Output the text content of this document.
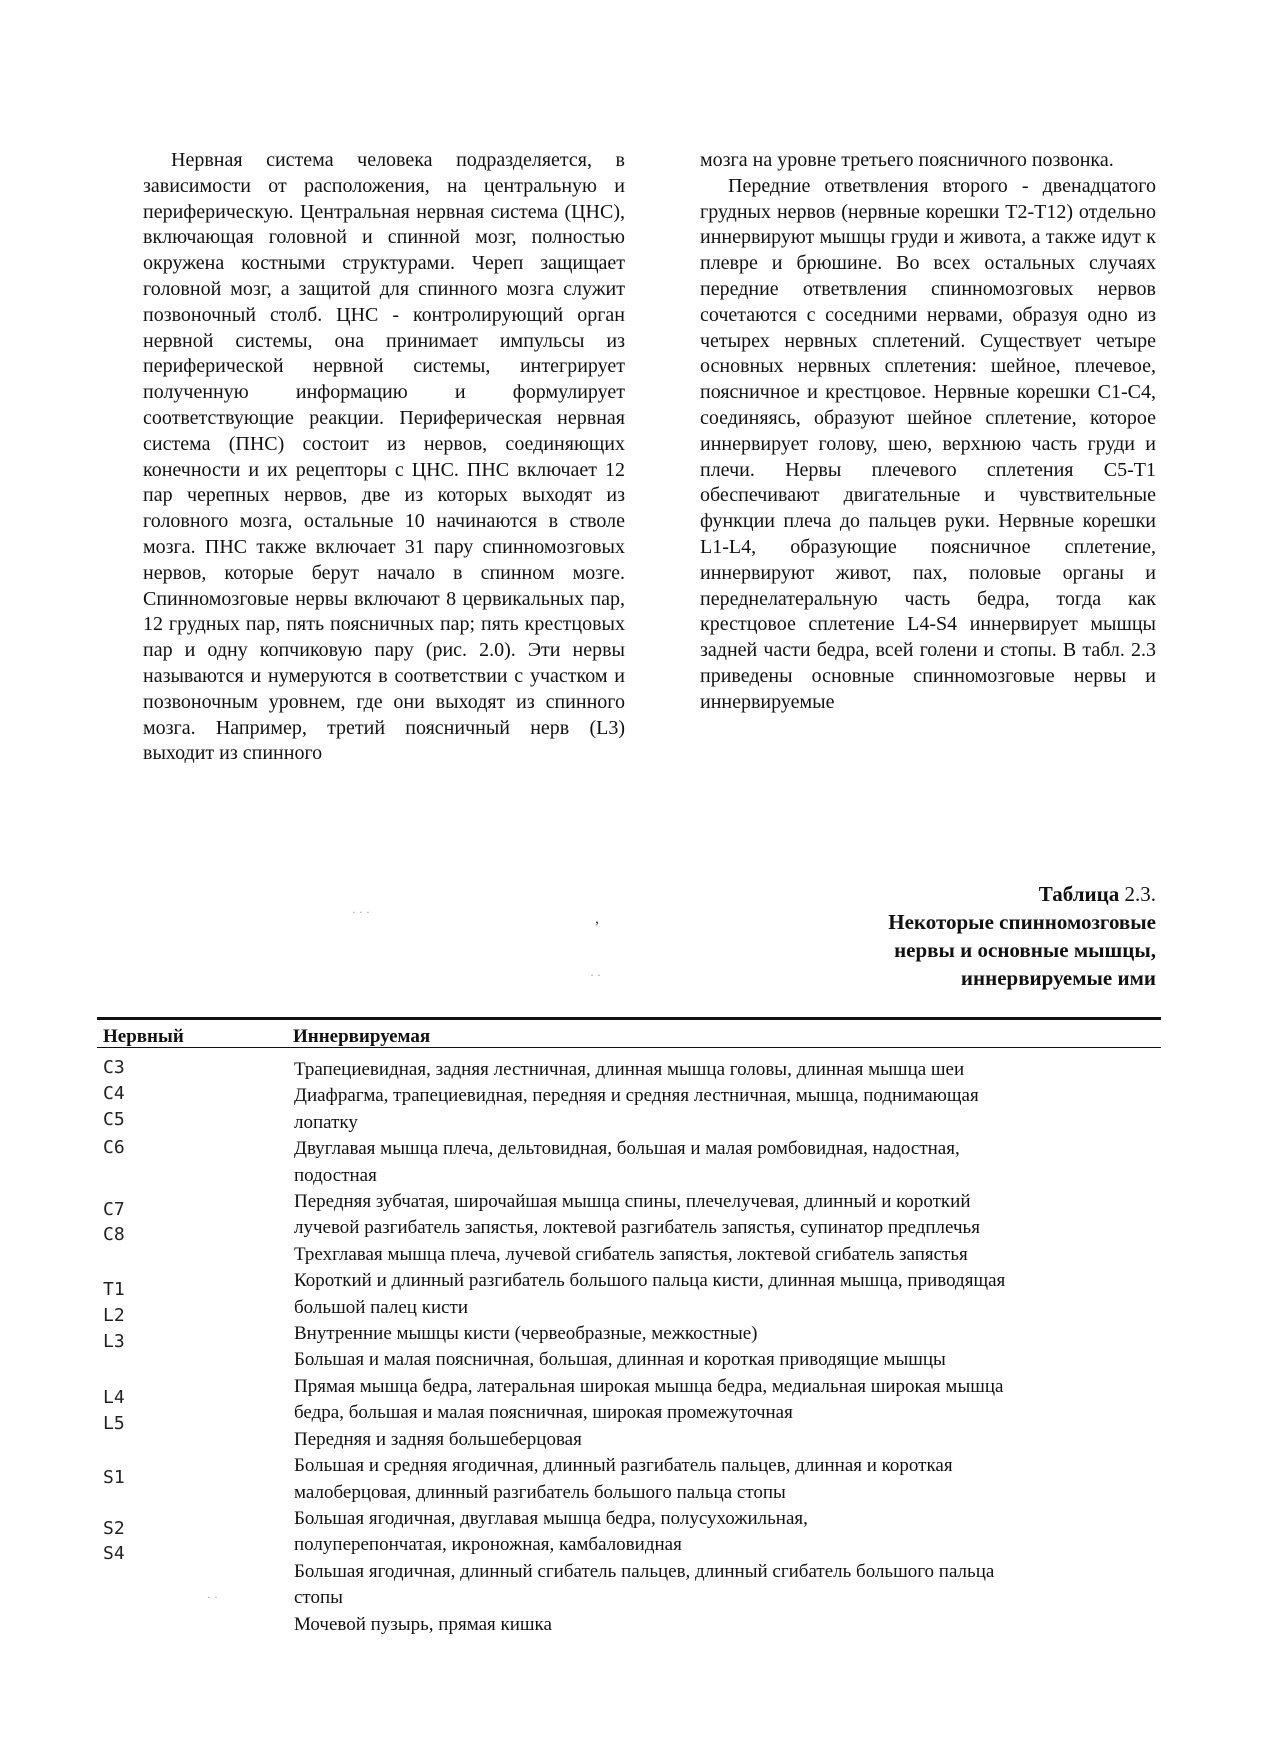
Нервная система человека подразделяется, в зависимости от расположения, на центральную и периферическую. Центральная нервная система (ЦНС), включающая головной и спинной мозг, полностью окружена костными структурами. Череп защищает головной мозг, а защитой для спинного мозга служит позвоночный столб. ЦНС - контролирующий орган нервной системы, она принимает импульсы из периферической нервной системы, интегрирует полученную информацию и формулирует соответствующие реакции. Периферическая нервная система (ПНС) состоит из нервов, соединяющих конечности и их рецепторы с ЦНС. ПНС включает 12 пар черепных нервов, две из которых выходят из головного мозга, остальные 10 начинаются в стволе мозга. ПНС также включает 31 пару спинномозговых нервов, которые берут начало в спинном мозге. Спинномозговые нервы включают 8 цервикальных пар, 12 грудных пар, пять поясничных пар; пять крестцовых пар и одну копчиковую пару (рис. 2.0). Эти нервы называются и нумеруются в соответствии с участком и позвоночным уровнем, где они выходят из спинного мозга. Например, третий поясничный нерв (L3) выходит из спинного

мозга на уровне третьего поясничного позвонка.

Передние ответвления второго - двенадцатого грудных нервов (нервные корешки T2-T12) отдельно иннервируют мышцы груди и живота, а также идут к плевре и брюшине. Во всех остальных случаях передние ответвления спинномозговых нервов сочетаются с соседними нервами, образуя одно из четырех нервных сплетений. Существует четыре основных нервных сплетения: шейное, плечевое, поясничное и крестцовое. Нервные корешки C1-C4, соединяясь, образуют шейное сплетение, которое иннервирует голову, шею, верхнюю часть груди и плечи. Нервы плечевого сплетения C5-T1 обеспечивают двигательные и чувствительные функции плеча до пальцев руки. Нервные корешки L1-L4, образующие поясничное сплетение, иннервируют живот, пах, половые органы и переднелатеральную часть бедра, тогда как крестцовое сплетение L4-S4 иннервирует мышцы задней части бедра, всей голени и стопы. В табл. 2.3 приведены основные спинномозговые нервы и иннервируемые

Таблица 2.3.
Некоторые спинномозговые
нервы и основные мышцы,
иннервируемые ими
Нервный	Иннервируемая
C3
C4
C5
C6
C7
C8
T1
L2
L3
L4
L5
S1
S2
S4
Трапециевидная, задняя лестничная, длинная мышца головы, длинная мышца шеи
Диафрагма, трапециевидная, передняя и средняя лестничная, мышца, поднимающая
лопатку
Двуглавая мышца плеча, дельтовидная, большая и малая ромбовидная, надостная,
подостная
Передняя зубчатая, широчайшая мышца спины, плечелучевая, длинный и короткий
лучевой разгибатель запястья, локтевой разгибатель запястья, супинатор предплечья
Трехглавая мышца плеча, лучевой сгибатель запястья, локтевой сгибатель запястья
Короткий и длинный разгибатель большого пальца кисти, длинная мышца, приводящая
большой палец кисти
Внутренние мышцы кисти (червеобразные, межкостные)
Большая и малая поясничная, большая, длинная и короткая приводящие мышцы
Прямая мышца бедра, латеральная широкая мышца бедра, медиальная широкая мышца
бедра, большая и малая поясничная, широкая промежуточная
Передняя и задняя большеберцовая
Большая и средняя ягодичная, длинный разгибатель пальцев, длинная и короткая
малоберцовая, длинный разгибатель большого пальца стопы
Большая ягодичная, двуглавая мышца бедра, полусухожильная,
полуперепончатая, икроножная, камбаловидная
Большая ягодичная, длинный сгибатель пальцев, длинный сгибатель большого пальца
стопы
Мочевой пузырь, прямая кишка
· · ·	,
· ·
· ·
